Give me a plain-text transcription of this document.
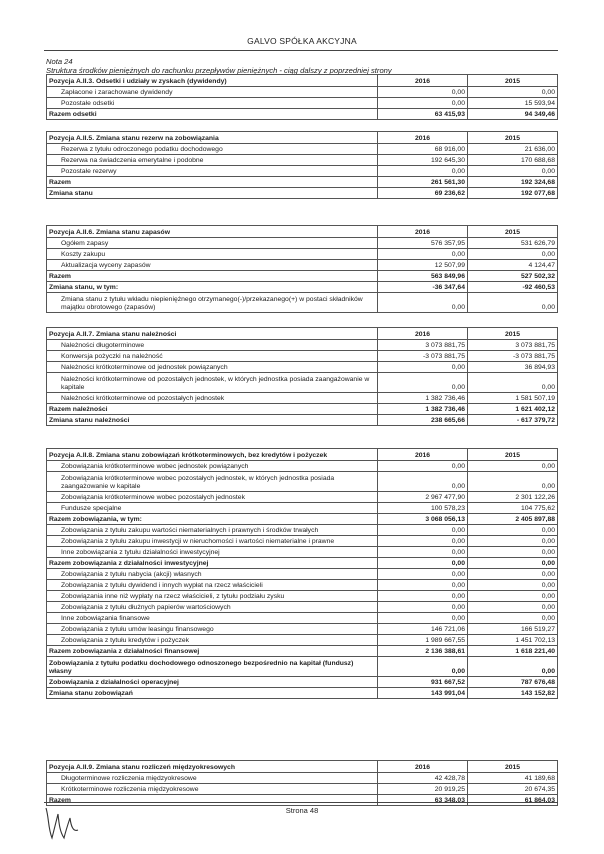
GALVO SPÓŁKA AKCYJNA
Nota 24
Struktura środków pieniężnych do rachunku przepływów pieniężnych - ciąg dalszy z poprzedniej strony
Pozycja A.II.3. Odsetki i udziały w zyskach (dywidendy)	2016	2015
Zapłacone i zarachowane dywidendy	0,00	0,00
Pozostałe odsetki	0,00	15 593,94
Razem odsetki	63 415,93	94 349,46
Pozycja A.II.5. Zmiana stanu rezerw na zobowiązania	2016	2015
Rezerwa z tytułu odroczonego podatku dochodowego	68 916,00	21 636,00
Rezerwa na świadczenia emerytalne i podobne	192 645,30	170 688,68
Pozostałe rezerwy	0,00	0,00
Razem	261 561,30	192 324,68
Zmiana stanu	69 236,62	192 077,68
Pozycja A.II.6. Zmiana stanu zapasów	2016	2015
Ogółem zapasy	576 357,95	531 626,79
Koszty zakupu	0,00	0,00
Aktualizacja wyceny zapasów	12 507,99	4 124,47
Razem	563 849,96	527 502,32
Zmiana stanu, w tym:	-36 347,64	-92 460,53
Zmiana stanu z tytułu wkładu niepieniężnego otrzymanego(-)/przekazanego(+) w postaci składników majątku obrotowego (zapasów)	0,00	0,00
Pozycja A.II.7. Zmiana stanu należności	2016	2015
Należności długoterminowe	3 073 881,75	3 073 881,75
Konwersja pożyczki na należność	-3 073 881,75	-3 073 881,75
Należności krótkoterminowe od jednostek powiązanych	0,00	36 894,93
Należności krótkoterminowe od pozostałych jednostek, w których jednostka posiada zaangażowanie w kapitale	0,00	0,00
Należności krótkoterminowe od pozostałych jednostek	1 382 736,46	1 581 507,19
Razem należności	1 382 736,46	1 621 402,12
Zmiana stanu należności	238 665,66	- 617 379,72
Pozycja A.II.8. Zmiana stanu zobowiązań krótkoterminowych, bez kredytów i pożyczek	2016	2015
Zobowiązania krótkoterminowe wobec jednostek powiązanych	0,00	0,00
Zobowiązania krótkoterminowe wobec pozostałych jednostek, w których jednostka posiada zaangażowanie w kapitale	0,00	0,00
Zobowiązania krótkoterminowe wobec pozostałych jednostek	2 967 477,90	2 301 122,26
Fundusze specjalne	100 578,23	104 775,62
Razem zobowiązania, w tym:	3 068 056,13	2 405 897,88
Zobowiązania z tytułu zakupu wartości niematerialnych i prawnych i środków trwałych	0,00	0,00
Zobowiązania z tytułu zakupu inwestycji w nieruchomości i wartości niematerialne i prawne	0,00	0,00
Inne zobowiązania z tytułu działalności inwestycyjnej	0,00	0,00
Razem zobowiązania z działalności inwestycyjnej	0,00	0,00
Zobowiązania z tytułu nabycia (akcji) własnych	0,00	0,00
Zobowiązania z tytułu dywidend i innych wypłat na rzecz właścicieli	0,00	0,00
Zobowiązania inne niż wypłaty na rzecz właścicieli, z tytułu podziału zysku	0,00	0,00
Zobowiązania z tytułu dłużnych papierów wartościowych	0,00	0,00
Inne zobowiązania finansowe	0,00	0,00
Zobowiązania z tytułu umów leasingu finansowego	146 721,06	166 519,27
Zobowiązania z tytułu kredytów i pożyczek	1 989 667,55	1 451 702,13
Razem zobowiązania z działalności finansowej	2 136 388,61	1 618 221,40
Zobowiązania z tytułu podatku dochodowego odnoszonego bezpośrednio na kapitał (fundusz) własny	0,00	0,00
Zobowiązania z działalności operacyjnej	931 667,52	787 676,48
Zmiana stanu zobowiązań	143 991,04	143 152,82
Pozycja A.II.9. Zmiana stanu rozliczeń międzyokresowych	2016	2015
Długoterminowe rozliczenia międzyokresowe	42 428,78	41 189,68
Krótkoterminowe rozliczenia międzyokresowe	20 919,25	20 674,35
Razem	63 348,03	61 864,03
Strona 48
